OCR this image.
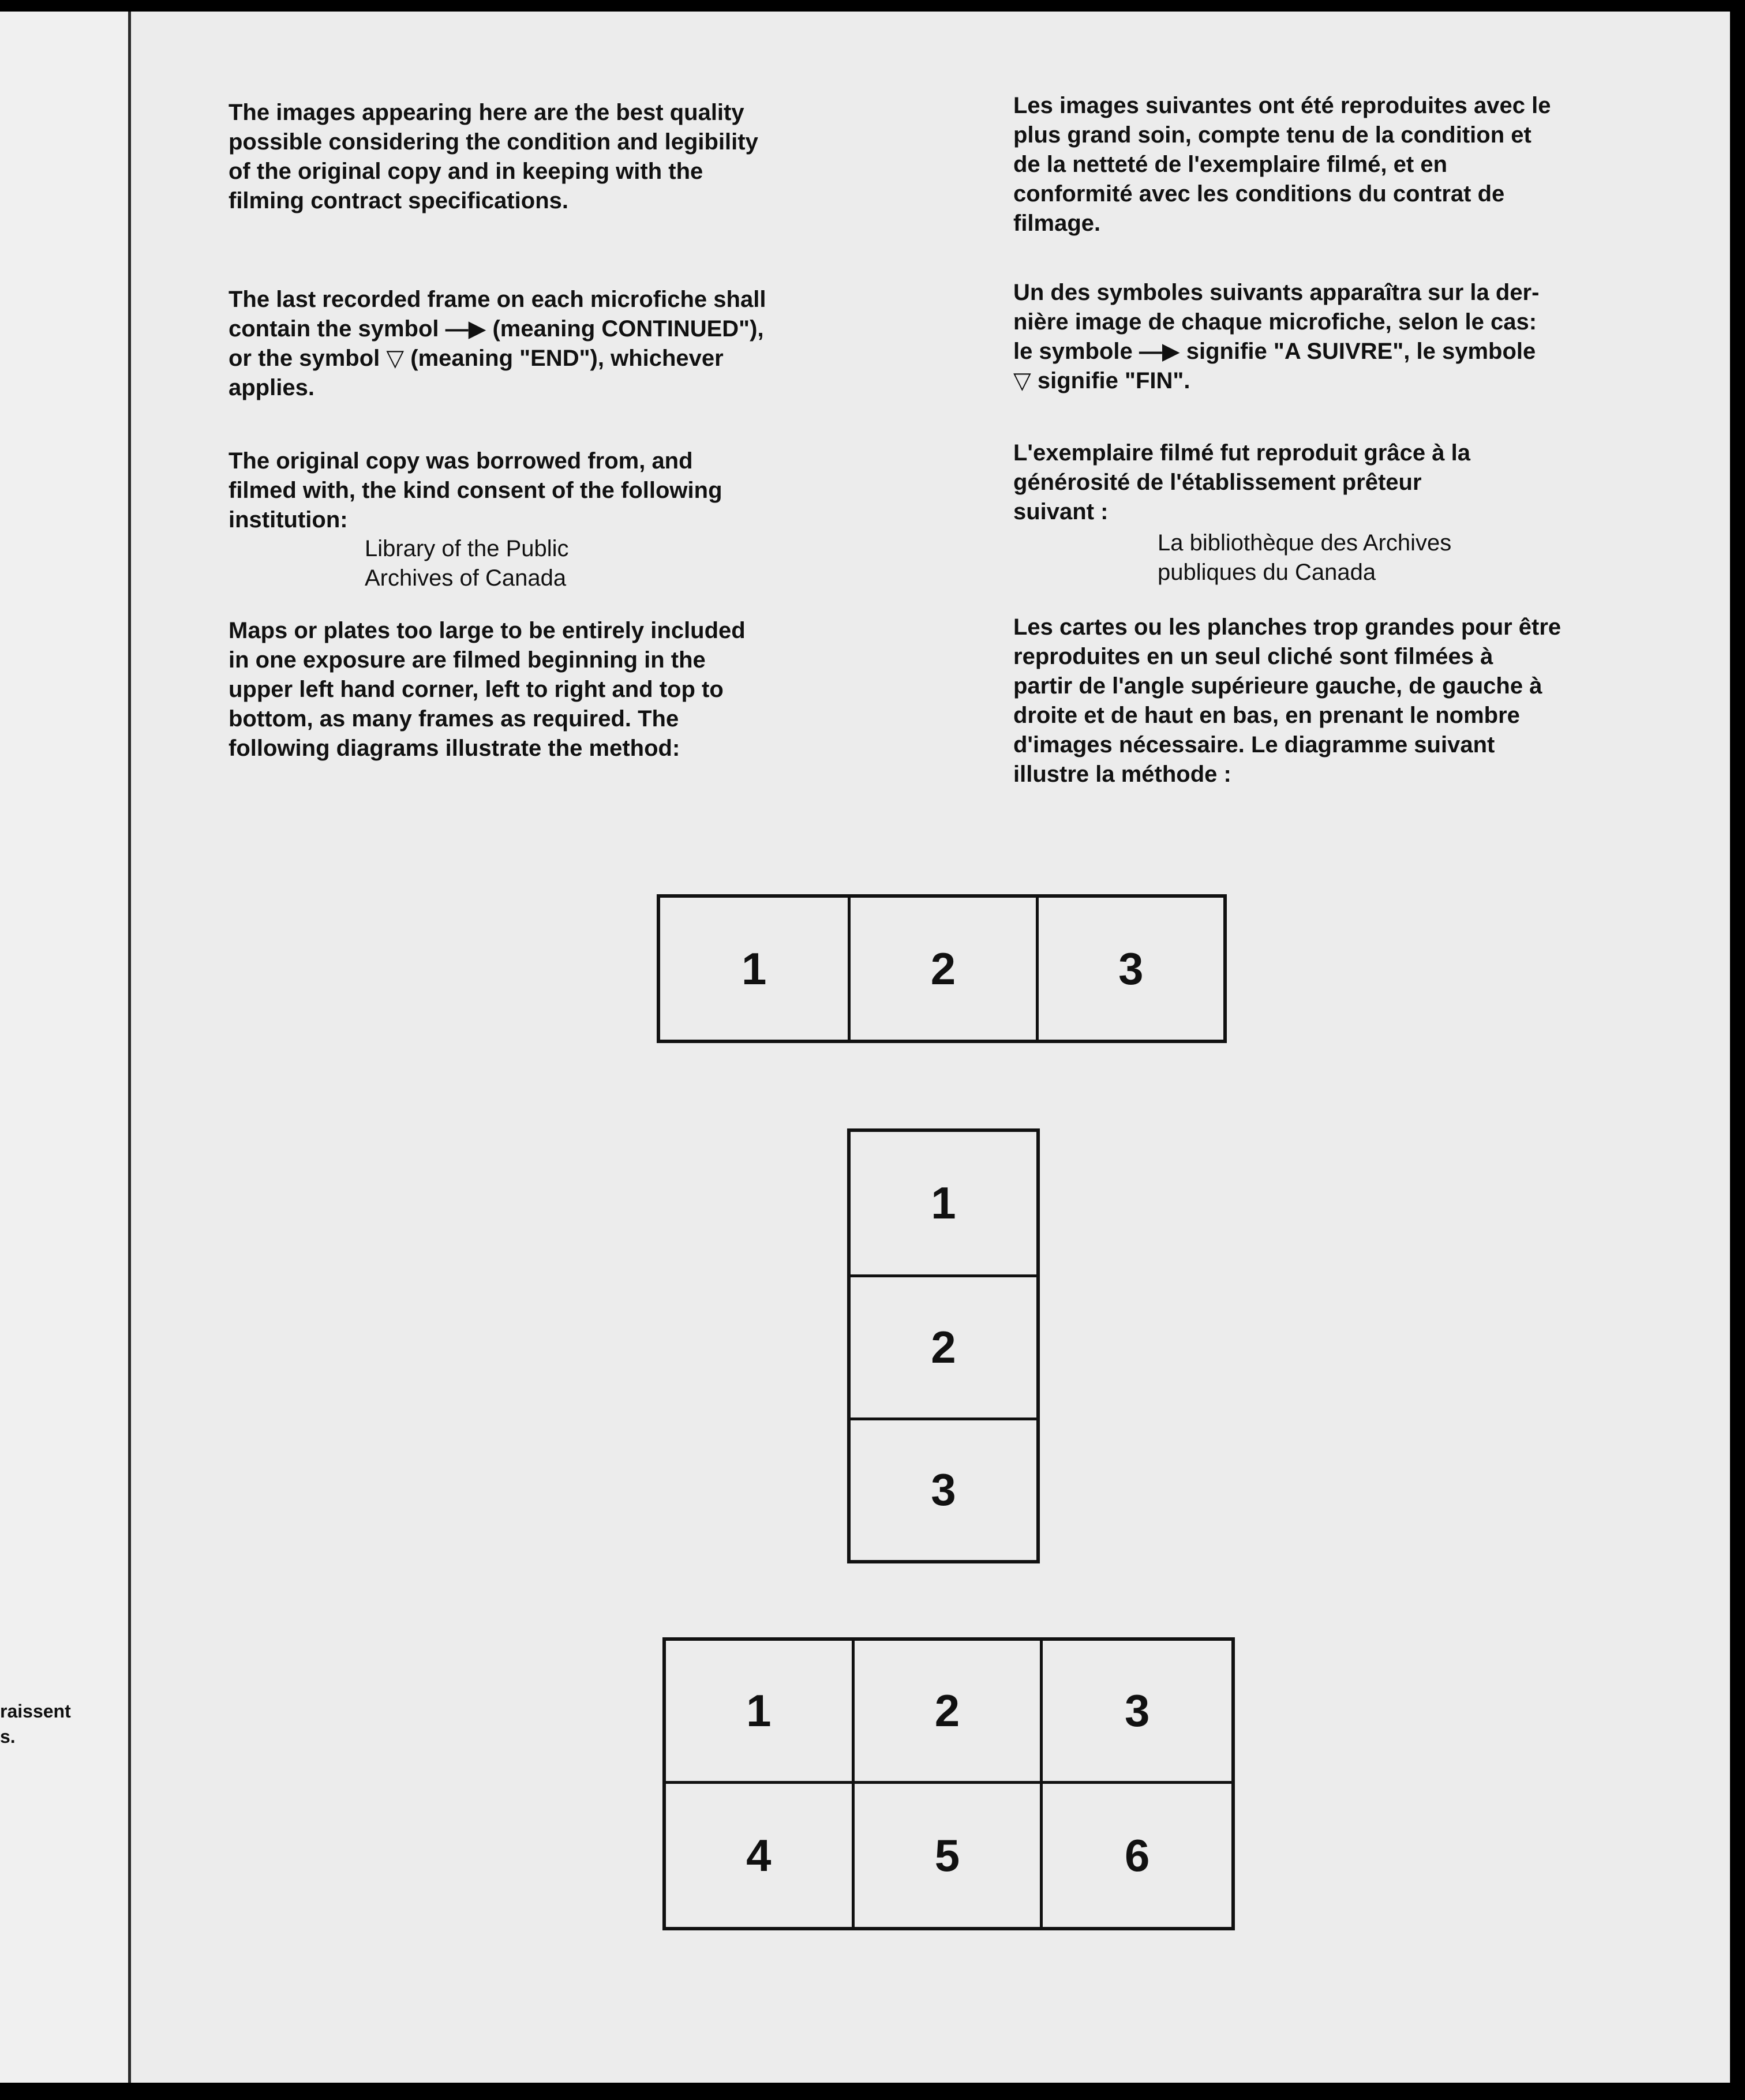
raissent

s.

The images appearing here are the best quality

possible considering the condition and legibility

of the original copy and in keeping with the

filming contract specifications.

The last recorded frame on each microfiche shall

contain the symbol —▶ (meaning CONTINUED"),

or the symbol ▽ (meaning "END"), whichever

applies.

The original copy was borrowed from, and

filmed with, the kind consent of the following

institution:

Library of the Public

Archives of Canada

Maps or plates too large to be entirely included

in one exposure are filmed beginning in the

upper left hand corner, left to right and top to

bottom, as many frames as required. The

following diagrams illustrate the method:

Les images suivantes ont été reproduites avec le

plus grand soin, compte tenu de la condition et

de la netteté de l'exemplaire filmé, et en

conformité avec les conditions du contrat de

filmage.

Un des symboles suivants apparaîtra sur la der-

nière image de chaque microfiche, selon le cas:

le symbole —▶ signifie "A SUIVRE", le symbole

▽ signifie "FIN".

L'exemplaire filmé fut reproduit grâce à la

générosité de l'établissement prêteur

suivant :

La bibliothèque des Archives

publiques du Canada

Les cartes ou les planches trop grandes pour être

reproduites en un seul cliché sont filmées à

partir de l'angle supérieure gauche, de gauche à

droite et de haut en bas, en prenant le nombre

d'images nécessaire. Le diagramme suivant

illustre la méthode :

1	2	3
1
2
3
1	2	3
4	5	6
